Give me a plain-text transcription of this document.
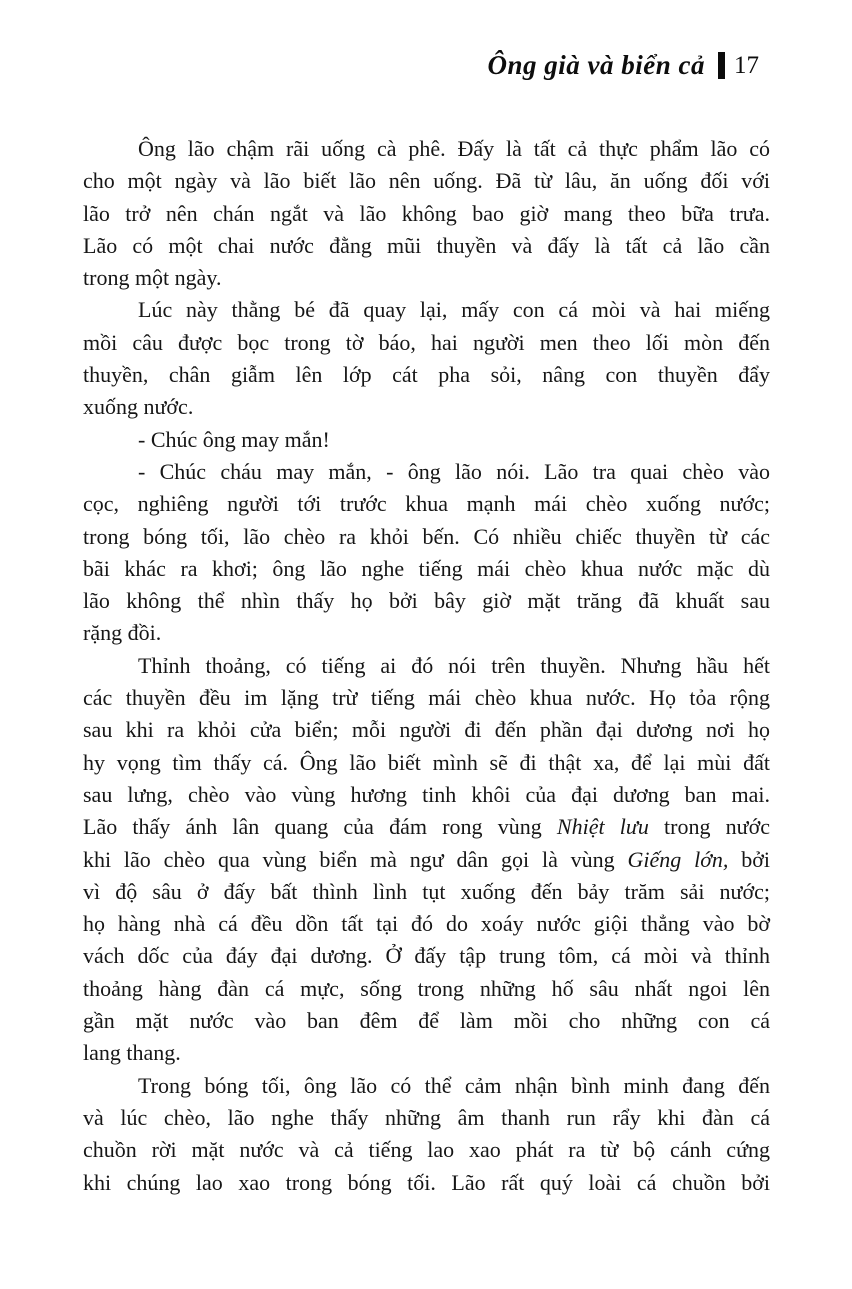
Ông già và biển cả 17
Ông lão chậm rãi uống cà phê. Đấy là tất cả thực phẩm lão có
cho một ngày và lão biết lão nên uống. Đã từ lâu, ăn uống đối với
lão trở nên chán ngắt và lão không bao giờ mang theo bữa trưa.
Lão có một chai nước đằng mũi thuyền và đấy là tất cả lão cần
trong một ngày.
Lúc này thằng bé đã quay lại, mấy con cá mòi và hai miếng
mồi câu được bọc trong tờ báo, hai người men theo lối mòn đến
thuyền, chân giẫm lên lớp cát pha sỏi, nâng con thuyền đẩy
xuống nước.
- Chúc ông may mắn!
- Chúc cháu may mắn, - ông lão nói. Lão tra quai chèo vào
cọc, nghiêng người tới trước khua mạnh mái chèo xuống nước;
trong bóng tối, lão chèo ra khỏi bến. Có nhiều chiếc thuyền từ các
bãi khác ra khơi; ông lão nghe tiếng mái chèo khua nước mặc dù
lão không thể nhìn thấy họ bởi bây giờ mặt trăng đã khuất sau
rặng đồi.
Thỉnh thoảng, có tiếng ai đó nói trên thuyền. Nhưng hầu hết
các thuyền đều im lặng trừ tiếng mái chèo khua nước. Họ tỏa rộng
sau khi ra khỏi cửa biển; mỗi người đi đến phần đại dương nơi họ
hy vọng tìm thấy cá. Ông lão biết mình sẽ đi thật xa, để lại mùi đất
sau lưng, chèo vào vùng hương tinh khôi của đại dương ban mai.
Lão thấy ánh lân quang của đám rong vùng Nhiệt lưu trong nước
khi lão chèo qua vùng biển mà ngư dân gọi là vùng Giếng lớn, bởi
vì độ sâu ở đấy bất thình lình tụt xuống đến bảy trăm sải nước;
họ hàng nhà cá đều dồn tất tại đó do xoáy nước giội thẳng vào bờ
vách dốc của đáy đại dương. Ở đấy tập trung tôm, cá mòi và thỉnh
thoảng hàng đàn cá mực, sống trong những hố sâu nhất ngoi lên
gần mặt nước vào ban đêm để làm mồi cho những con cá
lang thang.
Trong bóng tối, ông lão có thể cảm nhận bình minh đang đến
và lúc chèo, lão nghe thấy những âm thanh run rẩy khi đàn cá
chuồn rời mặt nước và cả tiếng lao xao phát ra từ bộ cánh cứng
khi chúng lao xao trong bóng tối. Lão rất quý loài cá chuồn bởi
